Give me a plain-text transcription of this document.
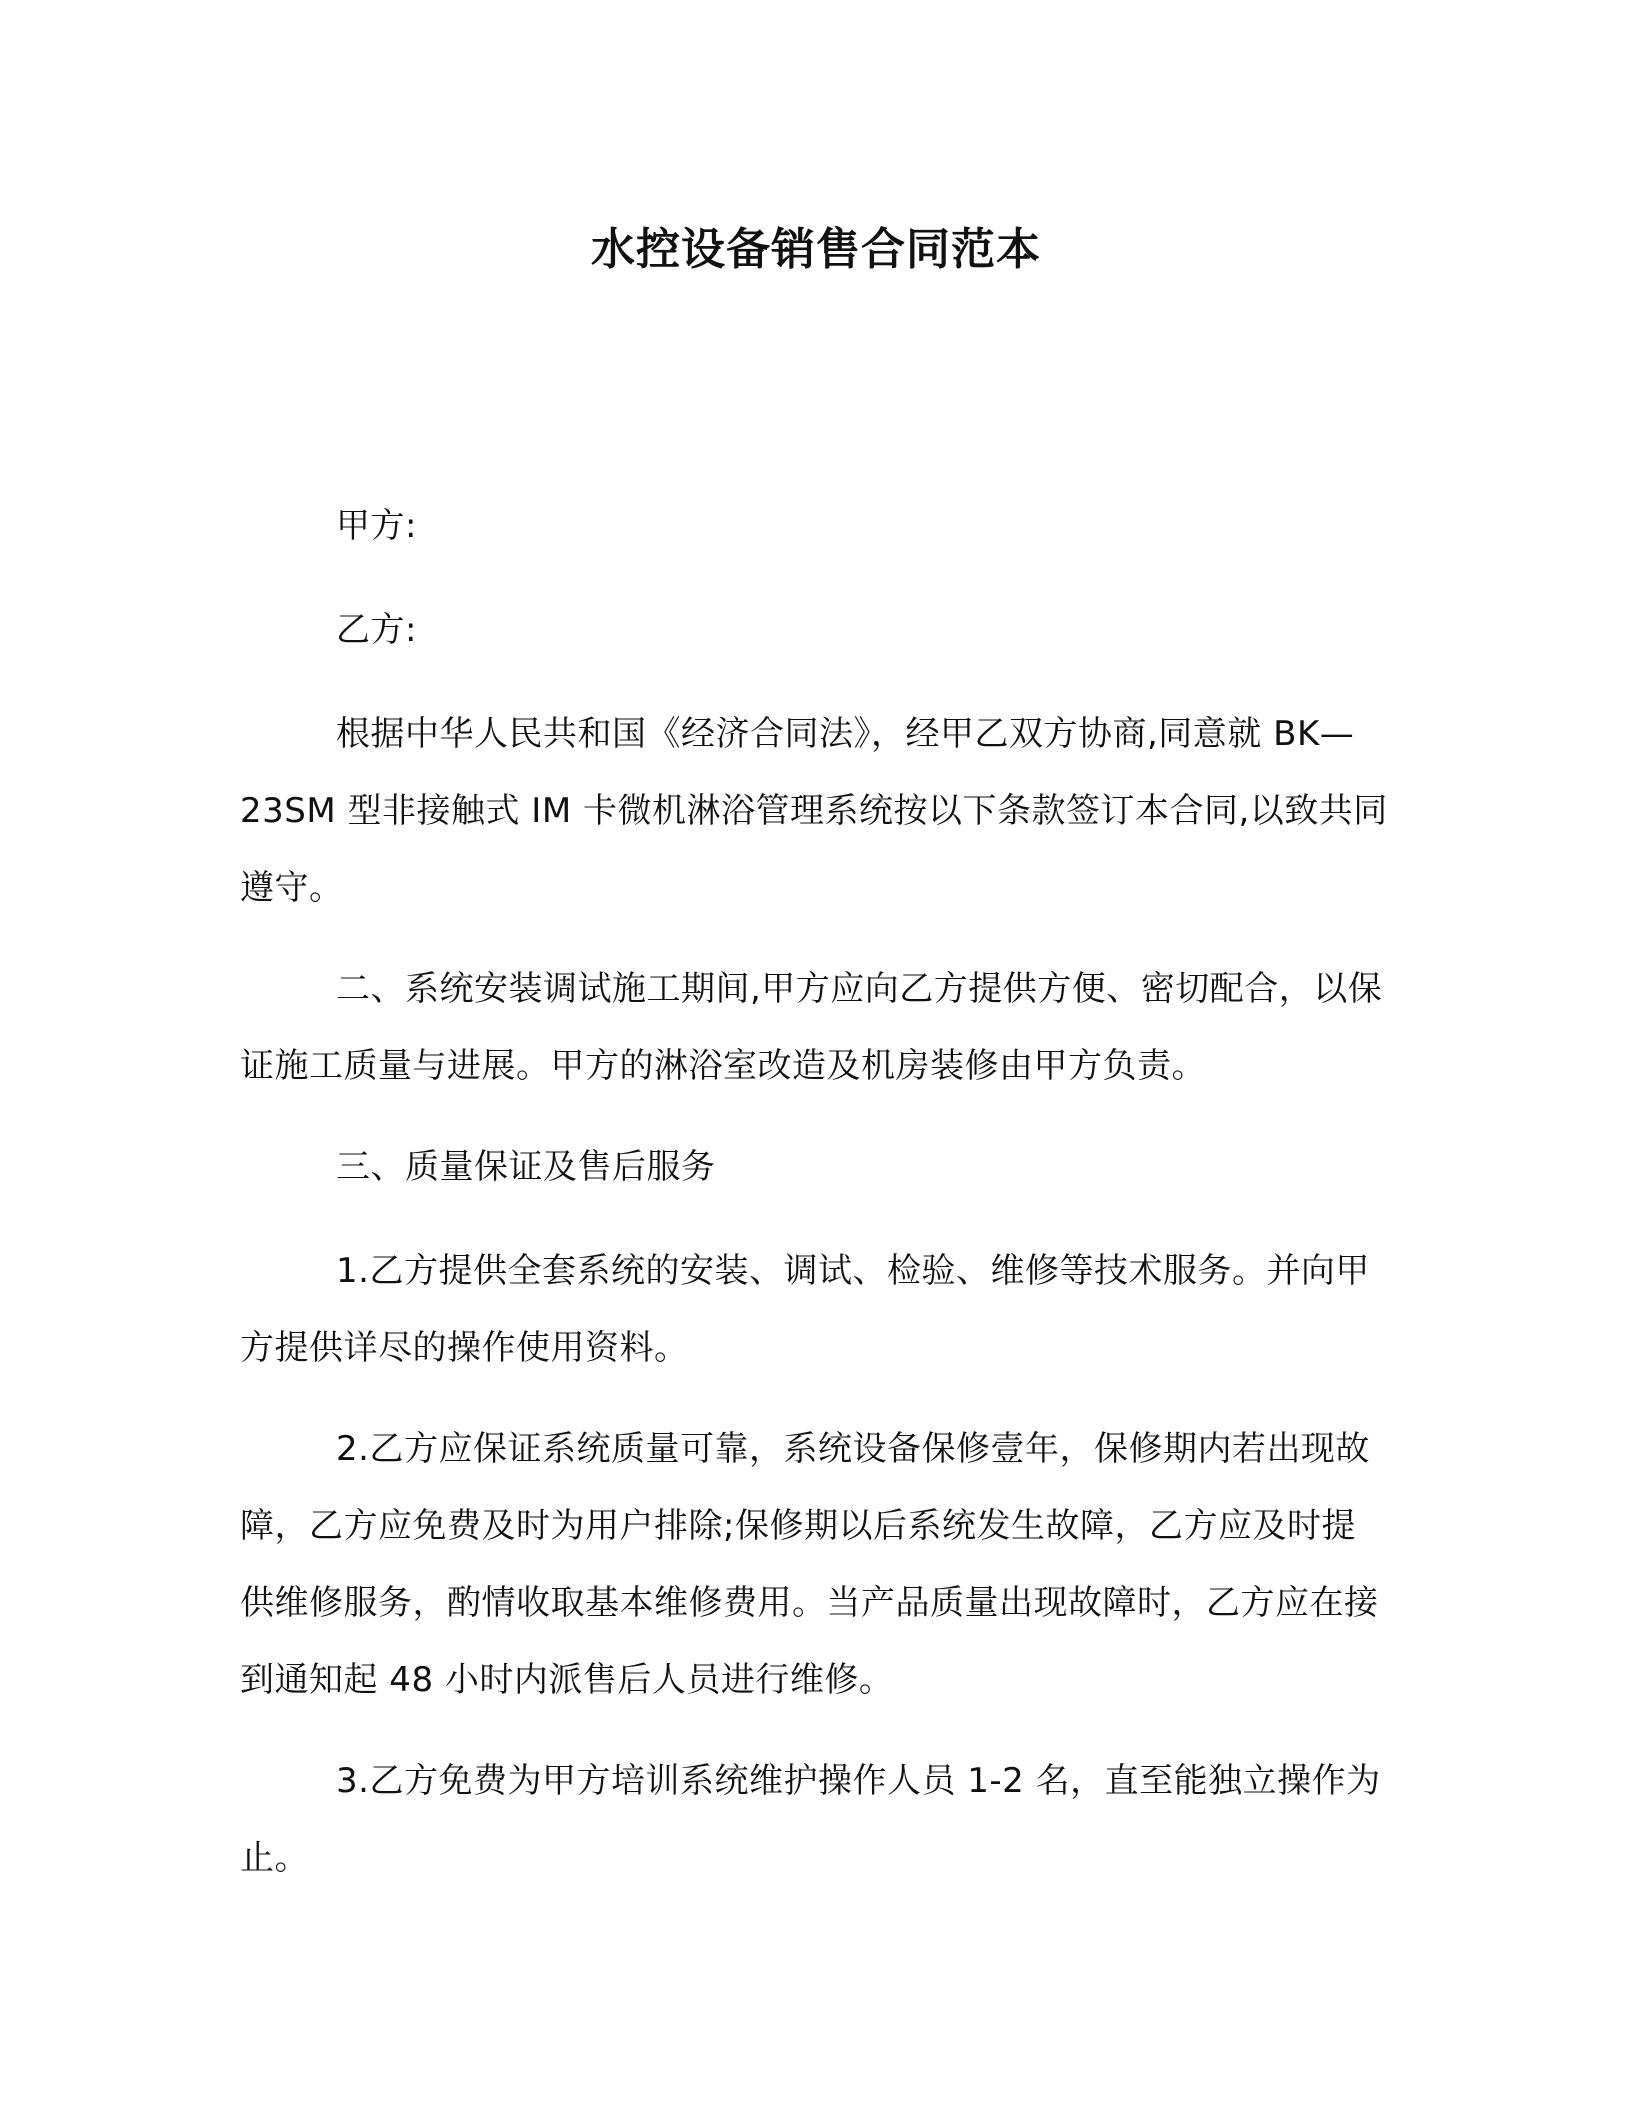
水控设备销售合同范本

甲方:

乙方:

根据中华人民共和国《经济合同法》，经甲乙双方协商,同意就 BK—23SM 型非接触式 IM 卡微机淋浴管理系统按以下条款签订本合同,以致共同遵守。

二、系统安装调试施工期间,甲方应向乙方提供方便、密切配合，以保证施工质量与进展。甲方的淋浴室改造及机房装修由甲方负责。

三、质量保证及售后服务

1.乙方提供全套系统的安装、调试、检验、维修等技术服务。并向甲方提供详尽的操作使用资料。

2.乙方应保证系统质量可靠，系统设备保修壹年，保修期内若出现故障，乙方应免费及时为用户排除;保修期以后系统发生故障，乙方应及时提供维修服务，酌情收取基本维修费用。当产品质量出现故障时，乙方应在接到通知起 48 小时内派售后人员进行维修。

3.乙方免费为甲方培训系统维护操作人员 1-2 名，直至能独立操作为止。
